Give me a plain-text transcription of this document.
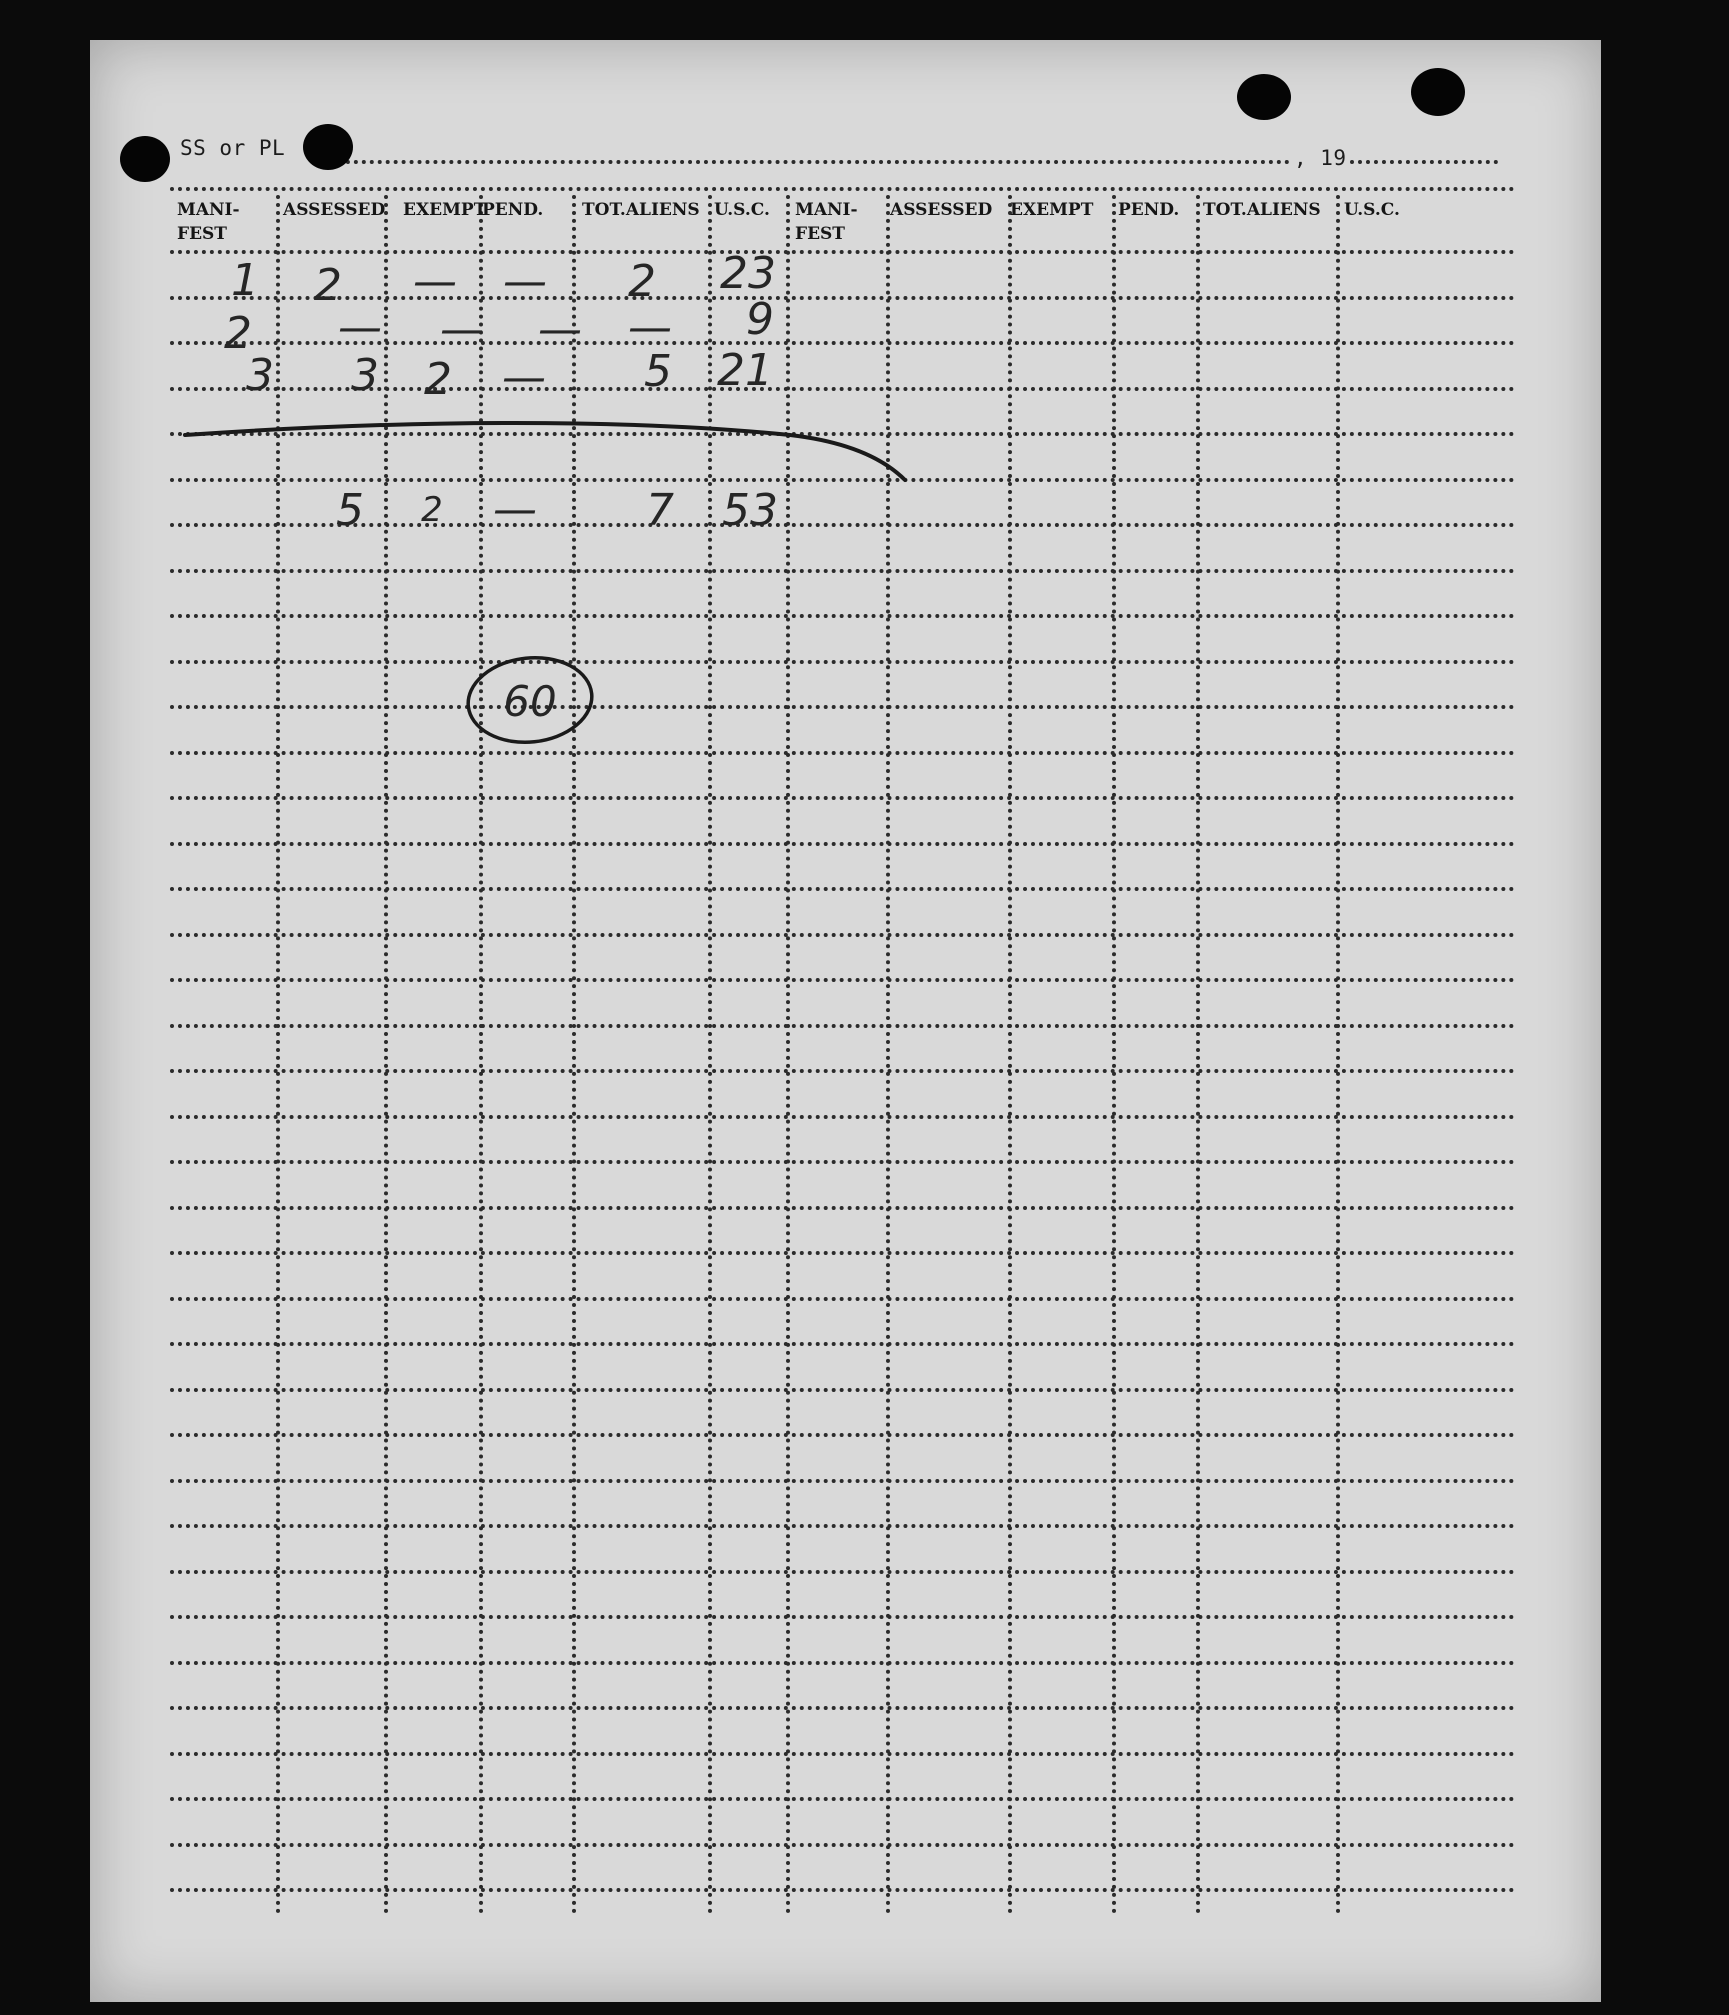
SS or PL	, 19
MANI-
FEST
ASSESSED EXEMPT
PEND. TOT.ALIENS U.S.C. MANI-
FEST
ASSESSED EXEMPT PEND. TOT.ALIENS U.S.C.
1 2 — — 2 23
2 — — — — 9
3 3 2 — 5 21
5 2 — 7 53
60
